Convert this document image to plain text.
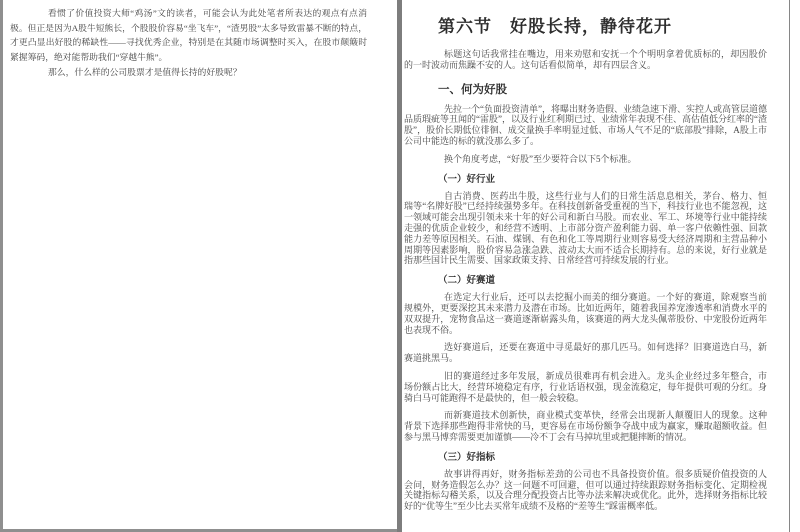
看惯了价值投资大师“鸡汤”文的读者，可能会认为此处笔者所表达的观点有点消极。但正是因为A股牛短熊长，个股股价容易“坐飞车”，“渣男股”太多导致雷暴不断的特点，才更凸显出好股的稀缺性——寻找优秀企业，特别是在其随市场调整时买入，在股市颠簸时紧握筹码，绝对能帮助我们“穿越牛熊”。

那么，什么样的公司股票才是值得长持的好股呢？

第六节　好股长持，静待花开

标题这句话我常挂在嘴边，用来劝慰和安抚一个个明明拿着优质标的，却因股价的一时波动而焦躁不安的人。这句话看似简单，却有四层含义。

一、何为好股

先拉一个“负面投资清单”，将曝出财务造假、业绩急速下滑、实控人或高管层道德品质瑕疵等丑闻的“雷股”，以及行业红利期已过、业绩常年表现不佳、高估值低分红率的“渣股”，股价长期低位徘徊、成交量换手率明显过低、市场人气不足的“底部股”排除，A股上市公司中能选的标的就没那么多了。

换个角度考虑，“好股”至少要符合以下5个标准。

（一）好行业

自古消费、医药出牛股，这些行业与人们的日常生活息息相关，茅台、格力、恒瑞等“名牌好股”已经持续强势多年。在科技创新备受重视的当下，科技行业也不能忽视，这一领域可能会出现引领未来十年的好公司和新白马股。而农业、军工、环境等行业中能持续走强的优质企业较少，和经营不透明、上市部分资产盈利能力弱、单一客户依赖性强、回款能力差等原因相关。石油、煤钢、有色和化工等周期行业则容易受大经济周期和主营品种小周期等因素影响，股价容易急涨急跌、波动太大而不适合长期持有。总的来说，好行业就是指那些国计民生需要、国家政策支持、日常经营可持续发展的行业。

（二）好赛道

在选定大行业后，还可以去挖掘小而美的细分赛道。一个好的赛道，除观察当前规模外，更要深挖其未来潜力及潜在市场。比如近两年，随着我国养宠渗透率和消费水平的双双提升，宠物食品这一赛道逐渐崭露头角，该赛道的两大龙头佩蒂股份、中宠股份近两年也表现不俗。

选好赛道后，还要在赛道中寻觅最好的那几匹马。如何选择？旧赛道选白马，新赛道挑黑马。

旧的赛道经过多年发展，新成员很难再有机会进入。龙头企业经过多年整合，市场份额占比大，经营环境稳定有序，行业话语权强，现金流稳定，每年提供可观的分红。身骑白马可能跑得不是最快的，但一般会较稳。

而新赛道技术创新快，商业模式变革快，经常会出现新人颠覆旧人的现象。这种背景下选择那些跑得非常快的马，更容易在市场份额争夺战中成为赢家，赚取超额收益。但参与黑马博弈需要更加谨慎——冷不丁会有马掉坑里或把腿摔断的情况。

（三）好指标

故事讲得再好，财务指标差劲的公司也不具备投资价值。很多质疑价值投资的人会问，财务造假怎么办？这一问题不可回避，但可以通过持续跟踪财务指标变化、定期检视关键指标勾稽关系，以及合理分配投资占比等办法来解决或优化。此外，选择财务指标比较好的“优等生”至少比去买常年成绩不及格的“差等生”踩雷概率低。
